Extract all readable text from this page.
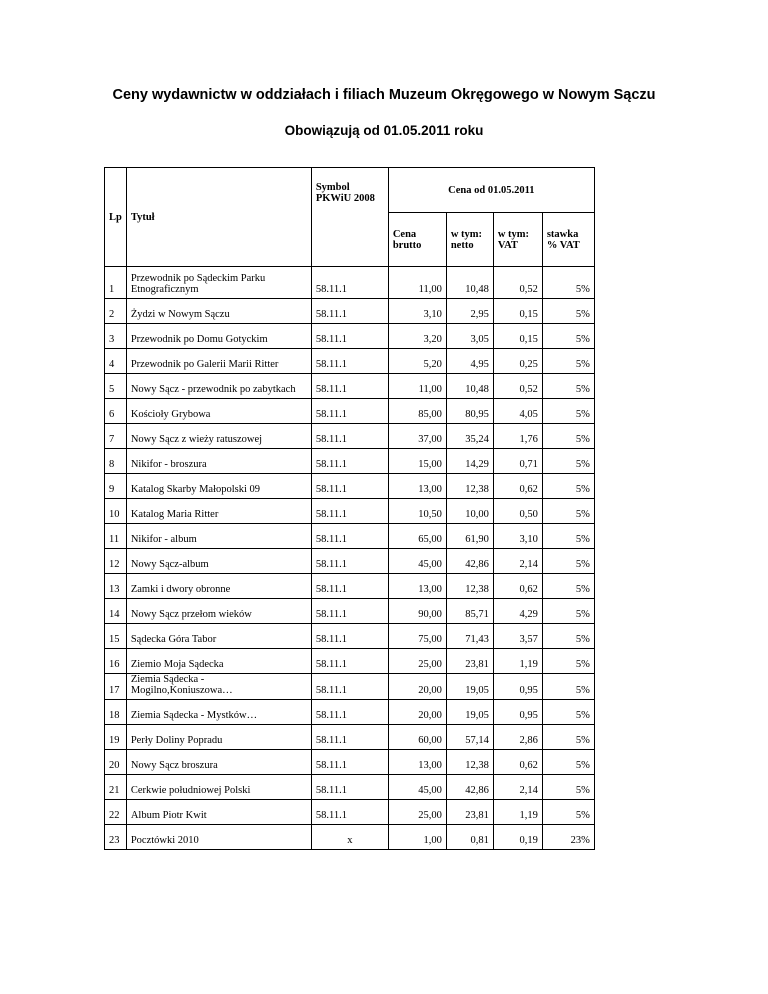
Ceny wydawnictw w oddziałach i filiach Muzeum Okręgowego w Nowym Sączu
Obowiązują od 01.05.2011 roku
Lp	Tytuł	Symbol PKWiU 2008	Cena od 01.05.2011			
			Cena brutto	w tym: netto	w tym: VAT	stawka % VAT
1	Przewodnik po Sądeckim Parku Etnograficznym	58.11.1	11,00	10,48	0,52	5%
2	Żydzi w Nowym Sączu	58.11.1	3,10	2,95	0,15	5%
3	Przewodnik po Domu Gotyckim	58.11.1	3,20	3,05	0,15	5%
4	Przewodnik po Galerii Marii Ritter	58.11.1	5,20	4,95	0,25	5%
5	Nowy Sącz - przewodnik po zabytkach	58.11.1	11,00	10,48	0,52	5%
6	Kościoły Grybowa	58.11.1	85,00	80,95	4,05	5%
7	Nowy Sącz z wieży ratuszowej	58.11.1	37,00	35,24	1,76	5%
8	Nikifor - broszura	58.11.1	15,00	14,29	0,71	5%
9	Katalog Skarby Małopolski 09	58.11.1	13,00	12,38	0,62	5%
10	Katalog Maria Ritter	58.11.1	10,50	10,00	0,50	5%
11	Nikifor - album	58.11.1	65,00	61,90	3,10	5%
12	Nowy Sącz-album	58.11.1	45,00	42,86	2,14	5%
13	Zamki i dwory obronne	58.11.1	13,00	12,38	0,62	5%
14	Nowy Sącz przełom wieków	58.11.1	90,00	85,71	4,29	5%
15	Sądecka Góra Tabor	58.11.1	75,00	71,43	3,57	5%
16	Ziemio Moja Sądecka	58.11.1	25,00	23,81	1,19	5%
17	Ziemia Sądecka - Mogilno,Koniuszowa…	58.11.1	20,00	19,05	0,95	5%
18	Ziemia Sądecka - Mystków…	58.11.1	20,00	19,05	0,95	5%
19	Perły Doliny Popradu	58.11.1	60,00	57,14	2,86	5%
20	Nowy Sącz broszura	58.11.1	13,00	12,38	0,62	5%
21	Cerkwie południowej Polski	58.11.1	45,00	42,86	2,14	5%
22	Album Piotr Kwit	58.11.1	25,00	23,81	1,19	5%
23	Pocztówki 2010	x	1,00	0,81	0,19	23%
